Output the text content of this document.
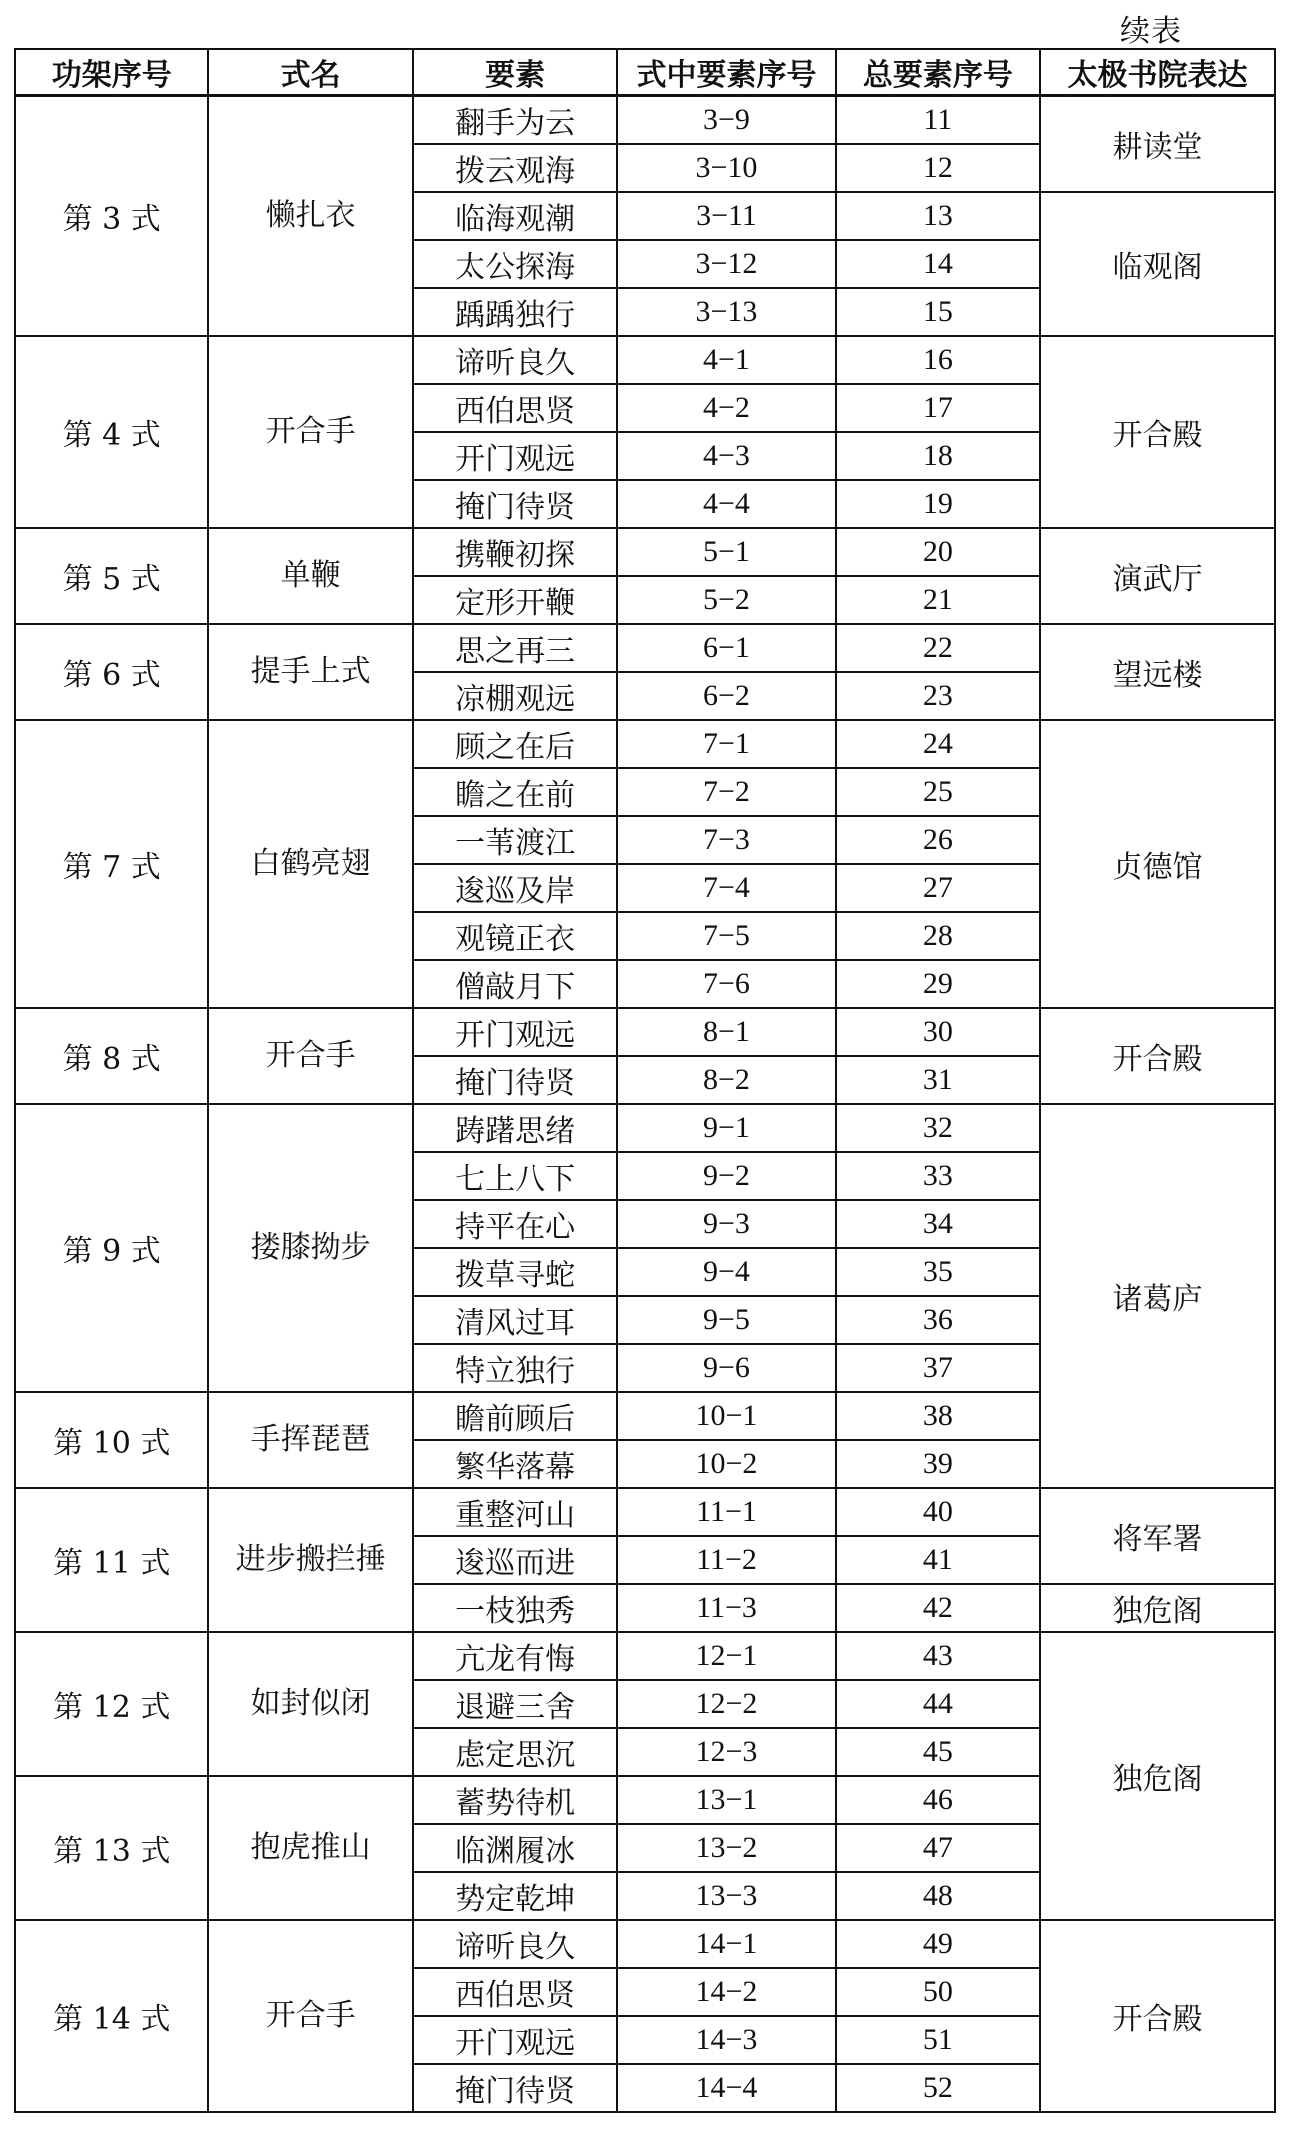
续表
功架序号	式名	要素	式中要素序号	总要素序号	太极书院表达
第 3 式	懒扎衣	翻手为云	3−9	11	耕读堂
		拨云观海	3−10	12	
		临海观潮	3−11	13	临观阁
		太公探海	3−12	14	
		踽踽独行	3−13	15	
第 4 式	开合手	谛听良久	4−1	16	开合殿
		西伯思贤	4−2	17	
		开门观远	4−3	18	
		掩门待贤	4−4	19	
第 5 式	单鞭	携鞭初探	5−1	20	演武厅
		定形开鞭	5−2	21	
第 6 式	提手上式	思之再三	6−1	22	望远楼
		凉棚观远	6−2	23	
第 7 式	白鹤亮翅	顾之在后	7−1	24	贞德馆
		瞻之在前	7−2	25	
		一苇渡江	7−3	26	
		逡巡及岸	7−4	27	
		观镜正衣	7−5	28	
		僧敲月下	7−6	29	
第 8 式	开合手	开门观远	8−1	30	开合殿
		掩门待贤	8−2	31	
第 9 式	搂膝拗步	踌躇思绪	9−1	32	诸葛庐
		七上八下	9−2	33	
		持平在心	9−3	34	
		拨草寻蛇	9−4	35	
		清风过耳	9−5	36	
		特立独行	9−6	37	
第 10 式	手挥琵琶	瞻前顾后	10−1	38	
		繁华落幕	10−2	39	
第 11 式	进步搬拦捶	重整河山	11−1	40	将军署
		逡巡而进	11−2	41	
		一枝独秀	11−3	42	独危阁
第 12 式	如封似闭	亢龙有悔	12−1	43	独危阁
		退避三舍	12−2	44	
		虑定思沉	12−3	45	
第 13 式	抱虎推山	蓄势待机	13−1	46	
		临渊履冰	13−2	47	
		势定乾坤	13−3	48	
第 14 式	开合手	谛听良久	14−1	49	开合殿
		西伯思贤	14−2	50	
		开门观远	14−3	51	
		掩门待贤	14−4	52	
